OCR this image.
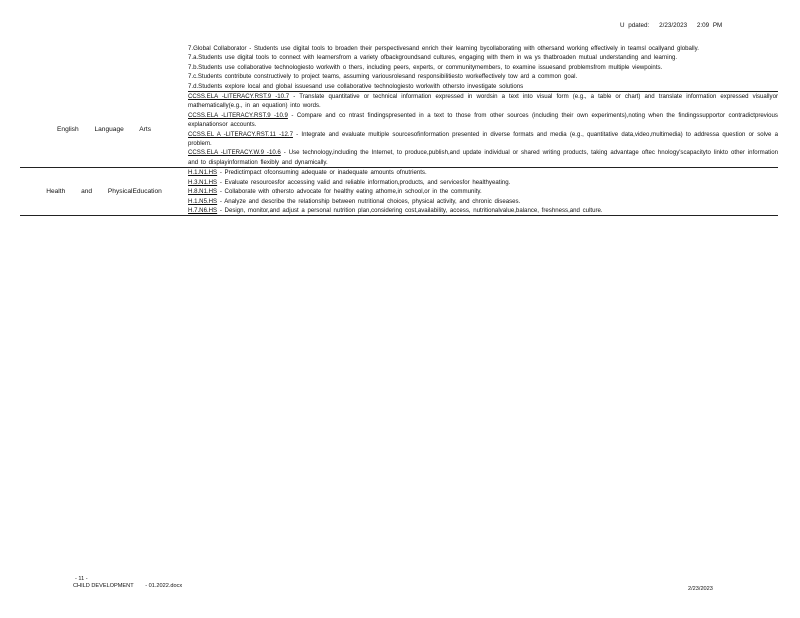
U pdated: 2/23/2023 2:09 PM

	7.Global Collaborator - Students use digital tools to broaden their perspectivesand enrich their learning bycollaborating with othersand working effectively in teamsl ocallyand globally.
7.a.Students use digital tools to connect with learnersfrom a variety ofbackgroundsand cultures, engaging with them in wa ys thatbroaden mutual understanding and learning.
7.b.Students use collaborative technologiesto workwith o thers, including peers, experts, or communitymembers, to examine issuesand problemsfrom multiple viewpoints.
7.c.Students contribute constructively to project teams, assuming variousrolesand responsibilitiesto workeffectively tow ard a common goal.
7.d.Students explore local and global issuesand use collaborative technologiesto workwith othersto investigate solutions

English Language Arts	CCSS.ELA -LITERACY.RST.9 -10.7 - Translate quantitative or technical information expressed in wordsin a text into visual form (e.g., a table or chart) and translate information expressed visuallyor mathematically(e.g., in an equation) into words.
CCSS.ELA -LITERACY.RST.9 -10.9 - Compare and co ntrast findingspresented in a text to those from other sources (including their own experiments),noting when the findingssupportor contradictprevious explanationsor accounts.
CCSS.EL A -LITERACY.RST.11 -12.7 - Integrate and evaluate multiple sourcesofinformation presented in diverse formats and media (e.g., quantitative data,video,multimedia) to addressa question or solve a problem.
CCSS.ELA -LITERACY.W.9 -10.6 - Use technology,including the Internet, to produce,publish,and update individual or shared writing products, taking advantage oftec hnology'scapacityto linkto other information and to displayinformation flexibly and dynamically.

Health and PhysicalEducation	H.1.N1.HS - Predictimpact ofconsuming adequate or inadequate amounts ofnutrients.
H.3.N1.HS - Evaluate resourcesfor accessing valid and reliable information,products, and servicesfor healthyeating.
H.8.N1.HS - Collaborate with othersto advocate for healthy eating athome,in school,or in the community.
H.1.N5.HS - Analyze and describe the relationship between nutritional choices, physical activity, and chronic diseases.
H.7.N6.HS - Design, monitor,and adjust a personal nutrition plan,considering cost,availability, access, nutritionalvalue,balance, freshness,and culture.
- 11 -
CHILD DEVELOPMENT - 01.2022.docx	2/23/2023
